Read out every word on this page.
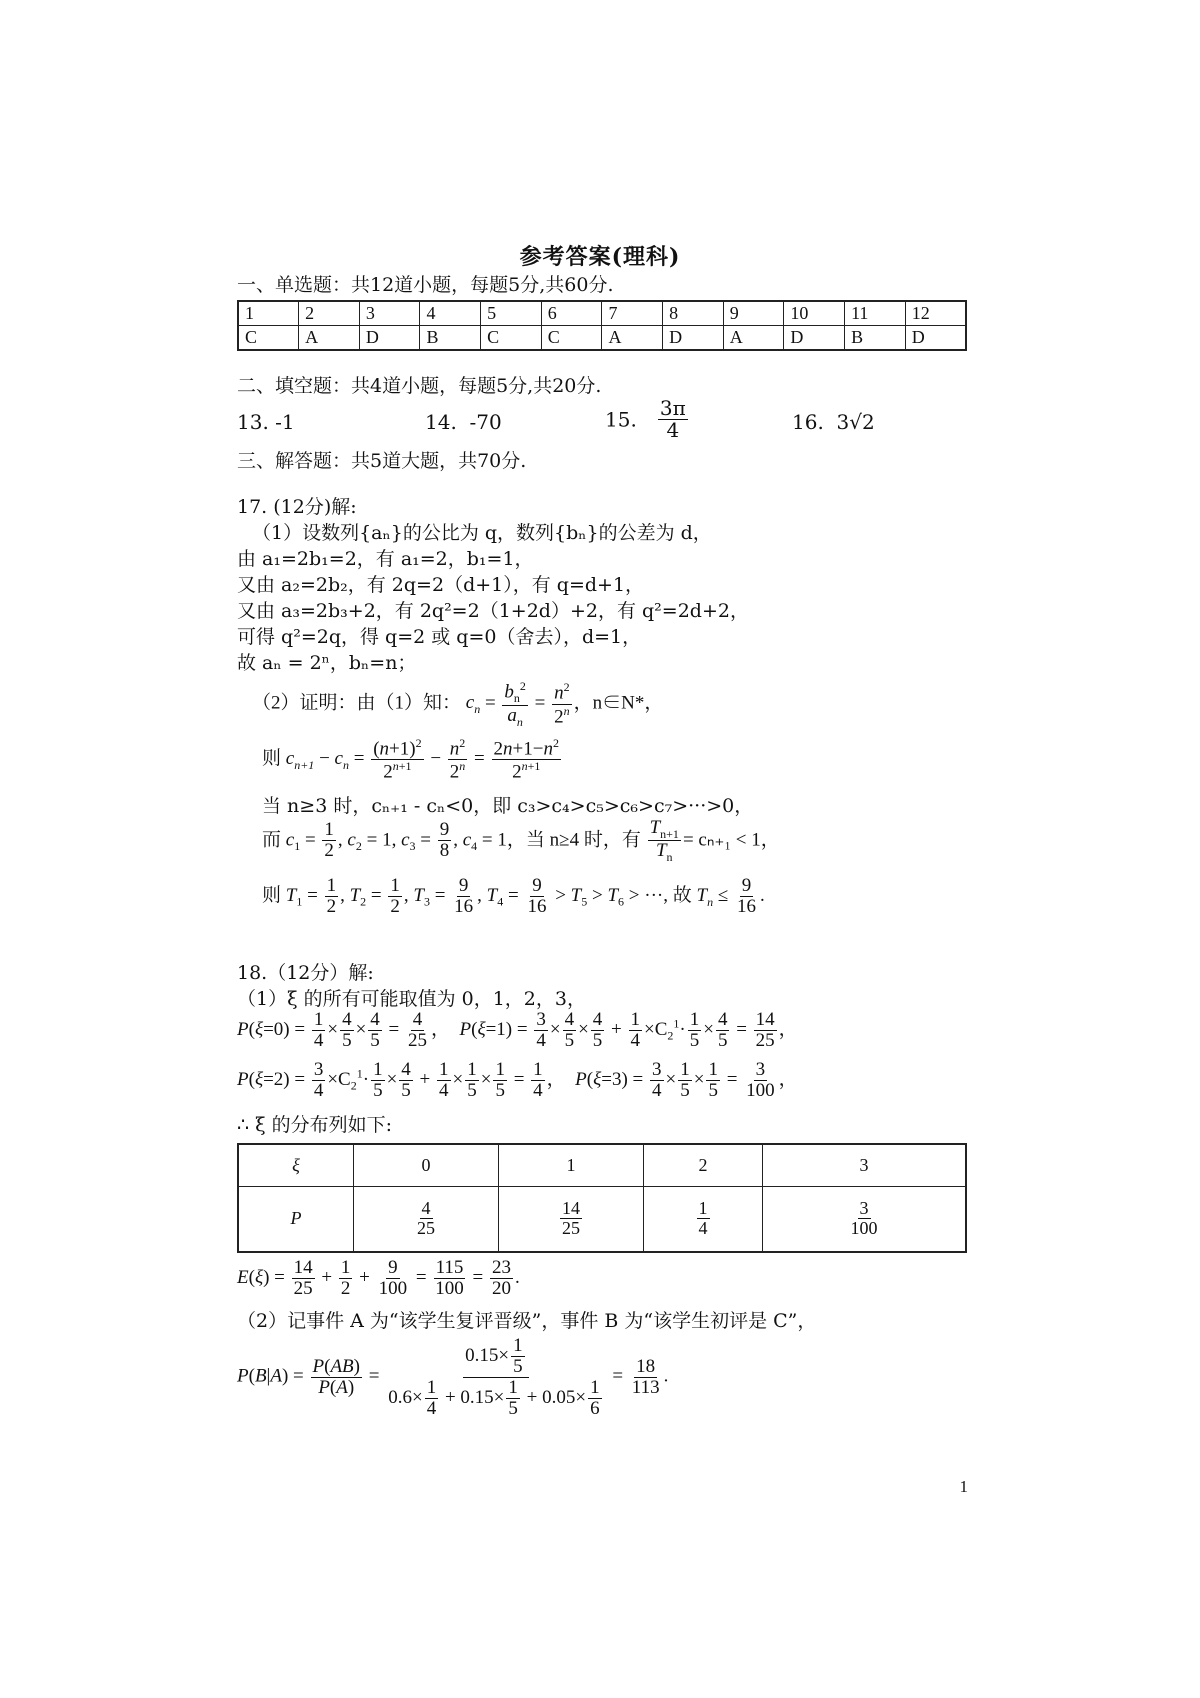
参考答案(理科)
一、单选题：共12道小题，每题5分,共60分.
1	2	3	4	5	6	7	8	9	10	11	12
C	A	D	B	C	C	A	D	A	D	B	D
二、填空题：共4道小题，每题5分,共20分.
13. -1	14. -70	15. $\frac{3\pi}{4}$	16. 3√2
三、解答题：共5道大题，共70分.
17. (12分)解:
（1）设数列{aₙ}的公比为 q，数列{bₙ}的公差为 d，
由 a₁=2b₁=2，有 a₁=2，b₁=1，
又由 a₂=2b₂，有 2q=2（d+1），有 q=d+1，
又由 a₃=2b₃+2，有 2q²=2（1+2d）+2，有 q²=2d+2，
可得 q²=2q，得 q=2 或 q=0（舍去），d=1，
故 aₙ = 2ⁿ，bₙ=n；
（2）证明：由（1）知： $c_n = \frac{b_n^2}{a_n} = \frac{n^2}{2^n}$ ，n∈N*，
则 $c_{n+1} - c_n = \frac{(n+1)^2}{2^{n+1}} - \frac{n^2}{2^n} = \frac{2n+1-n^2}{2^{n+1}}$
当 n≥3 时，cₙ₊₁ - cₙ<0，即 c₃>c₄>c₅>c₆>c₇>···>0，
而 $c_1 = \frac{1}{2}$ , $c_2 = 1$, $c_3 = \frac{9}{8}$ , $c_4 = 1$，当 n≥4 时，有 $\frac{T_{n+1}}{T_n} = c_{n+1} < 1$，
则 $T_1 = \frac{1}{2}$ , $T_2 = \frac{1}{2}$ , $T_3 = \frac{9}{16}$ , $T_4 = \frac{9}{16} > T_5 > T_6$ > ···, 故 $T_n \le \frac{9}{16}$ .
18.（12分）解:
（1）ξ 的所有可能取值为 0，1，2，3，
$P(\xi=0) = \frac{1}{4} \times \frac{4}{5} \times \frac{4}{5} = \frac{4}{25}$ ，  $P(\xi=1) = \frac{3}{4} \times \frac{4}{5} \times \frac{4}{5} + \frac{1}{4} \times C_2^1\cdot \frac{1}{5} \times \frac{4}{5} = \frac{14}{25}$ ，
$P(\xi=2) = \frac{3}{4} \times C_2^1\cdot \frac{1}{5} \times \frac{4}{5} + \frac{1}{4} \times \frac{1}{5} \times \frac{1}{5} = \frac{1}{4}$ ，  $P(\xi=3) = \frac{3}{4} \times \frac{1}{5} \times \frac{1}{5} = \frac{3}{100}$ ，
∴ ξ 的分布列如下:
ξ	0	1	2	3
P	$\frac{4}{25}$	$\frac{14}{25}$	$\frac{1}{4}$	$\frac{3}{100}$
$E(\xi) = \frac{14}{25} + \frac{1}{2} + \frac{9}{100} = \frac{115}{100} = \frac{23}{20}$ .
（2）记事件 A 为“该学生复评晋级”，事件 B 为“该学生初评是 C”，
$P(B|A) = \frac{P(AB)}{P(A)} = \frac{0.15\times \frac{1}{5}}{0.6\times \frac{1}{4} + 0.15\times \frac{1}{5} + 0.05\times \frac{1}{6}} = \frac{18}{113}$ .
1
